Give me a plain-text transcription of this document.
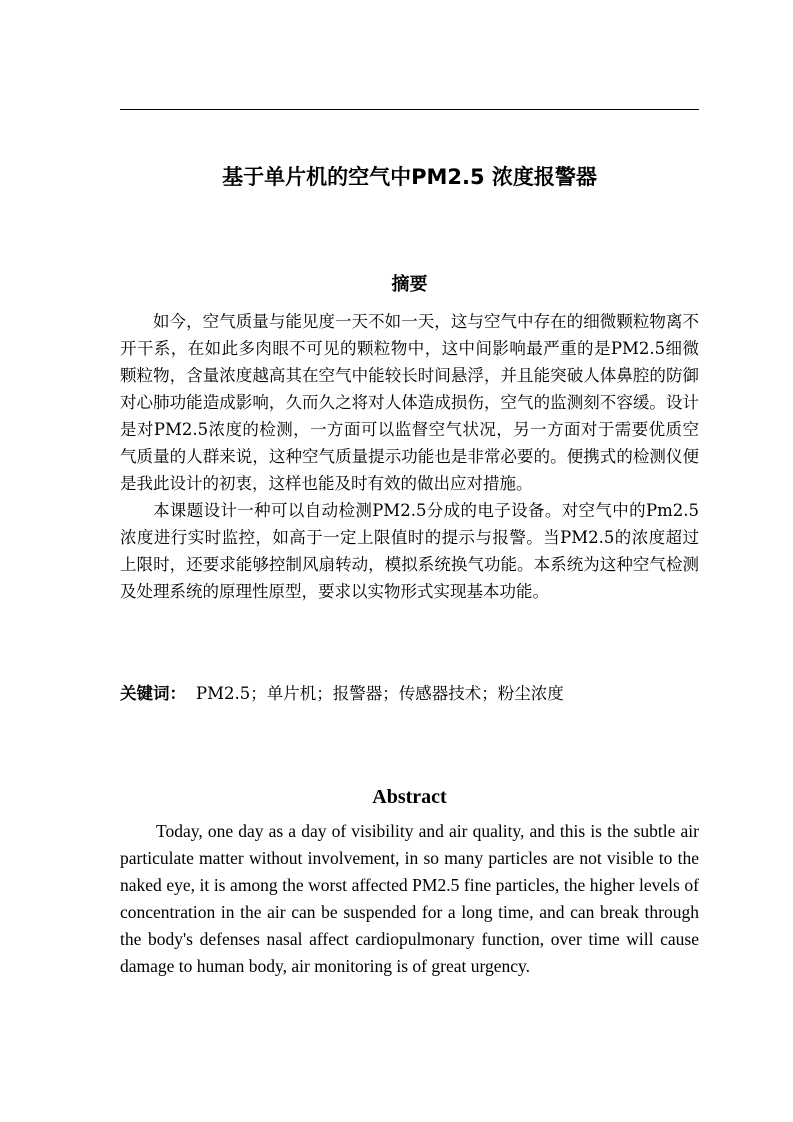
基于单片机的空气中PM2.5 浓度报警器
摘要

如今，空气质量与能见度一天不如一天，这与空气中存在的细微颗粒物离不开干系，在如此多肉眼不可见的颗粒物中，这中间影响最严重的是PM2.5细微颗粒物，含量浓度越高其在空气中能较长时间悬浮，并且能突破人体鼻腔的防御对心肺功能造成影响，久而久之将对人体造成损伤，空气的监测刻不容缓。设计是对PM2.5浓度的检测，一方面可以监督空气状况，另一方面对于需要优质空气质量的人群来说，这种空气质量提示功能也是非常必要的。便携式的检测仪便是我此设计的初衷，这样也能及时有效的做出应对措施。

本课题设计一种可以自动检测PM2.5分成的电子设备。对空气中的Pm2.5浓度进行实时监控，如高于一定上限值时的提示与报警。当PM2.5的浓度超过上限时，还要求能够控制风扇转动，模拟系统换气功能。本系统为这种空气检测及处理系统的原理性原型，要求以实物形式实现基本功能。

关键词： PM2.5；单片机；报警器；传感器技术；粉尘浓度
Abstract

Today, one day as a day of visibility and air quality, and this is the subtle air particulate matter without involvement, in so many particles are not visible to the naked eye, it is among the worst affected PM2.5 fine particles, the higher levels of concentration in the air can be suspended for a long time, and can break through the body's defenses nasal affect cardiopulmonary function, over time will cause damage to human body, air monitoring is of great urgency.
